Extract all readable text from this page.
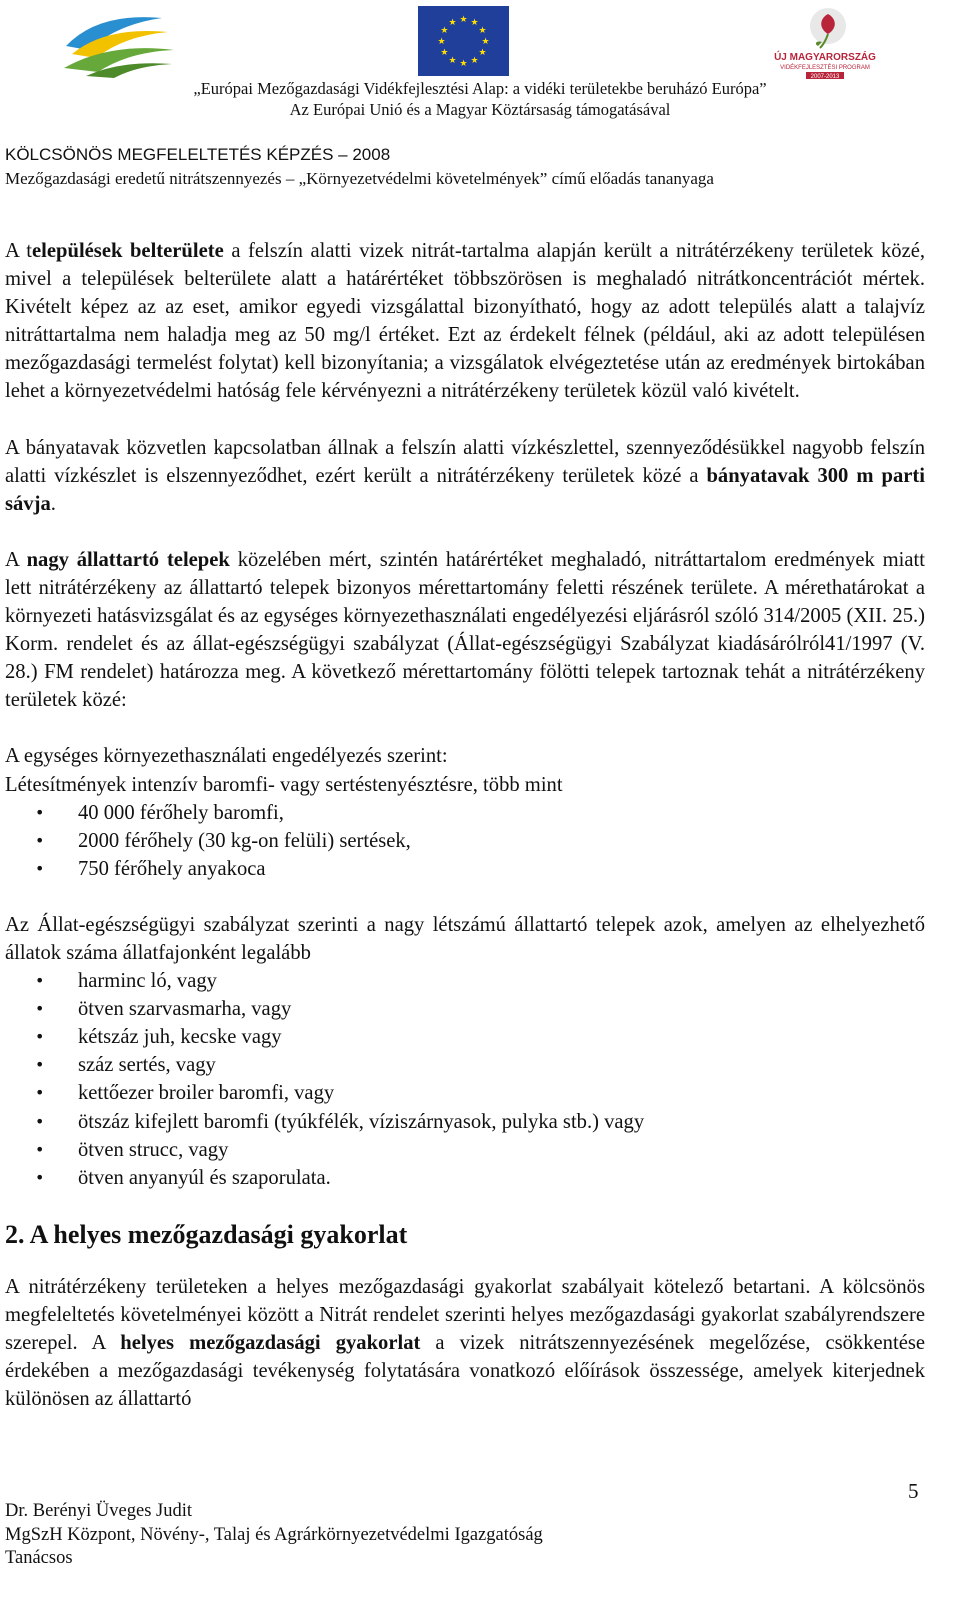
★
★
★
★
★
★
★
★
★ ★ ★
★
ÚJ MAGYARORSZÁG
VIDÉKFEJLESZTÉSI PROGRAM
2007-2013
„Európai Mezőgazdasági Vidékfejlesztési Alap: a vidéki területekbe beruházó Európa”
Az Európai Unió és a Magyar Köztársaság támogatásával
KÖLCSÖNÖS MEGFELELTETÉS KÉPZÉS – 2008
Mezőgazdasági eredetű nitrátszennyezés – „Környezetvédelmi követelmények” című előadás tananyaga

A települések belterülete a felszín alatti vizek nitrát-tartalma alapján került a nitrátérzékeny területek közé, mivel a települések belterülete alatt a határértéket többszörösen is meghaladó nitrátkoncentrációt mértek. Kivételt képez az az eset, amikor egyedi vizsgálattal bizonyítható, hogy az adott település alatt a talajvíz nitráttartalma nem haladja meg az 50 mg/l értéket. Ezt az érdekelt félnek (például, aki az adott településen mezőgazdasági termelést folytat) kell bizonyítania; a vizsgálatok elvégeztetése után az eredmények birtokában lehet a környezetvédelmi hatóság fele kérvényezni a nitrátérzékeny területek közül való kivételt.

A bányatavak közvetlen kapcsolatban állnak a felszín alatti vízkészlettel, szennyeződésükkel nagyobb felszín alatti vízkészlet is elszennyeződhet, ezért került a nitrátérzékeny területek közé a bányatavak 300 m parti sávja.

A nagy állattartó telepek közelében mért, szintén határértéket meghaladó, nitráttartalom eredmények miatt lett nitrátérzékeny az állattartó telepek bizonyos mérettartomány feletti részének területe. A mérethatárokat a környezeti hatásvizsgálat és az egységes környezethasználati engedélyezési eljárásról szóló 314/2005 (XII. 25.) Korm. rendelet és az állat-egészségügyi szabályzat (Állat-egészségügyi Szabályzat kiadásárólról41/1997 (V. 28.) FM rendelet) határozza meg. A következő mérettartomány fölötti telepek tartoznak tehát a nitrátérzékeny területek közé:

A egységes környezethasználati engedélyezés szerint:
Létesítmények intenzív baromfi- vagy sertéstenyésztésre, több mint
• 40 000 férőhely baromfi,
• 2000 férőhely (30 kg-on felüli) sertések,
• 750 férőhely anyakoca

Az Állat-egészségügyi szabályzat szerinti a nagy létszámú állattartó telepek azok, amelyen az elhelyezhető állatok száma állatfajonként legalább

• harminc ló, vagy
• ötven szarvasmarha, vagy
• kétszáz juh, kecske vagy
• száz sertés, vagy
• kettőezer broiler baromfi, vagy
• ötszáz kifejlett baromfi (tyúkfélék, víziszárnyasok, pulyka stb.) vagy
• ötven strucc, vagy
• ötven anyanyúl és szaporulata.
2. A helyes mezőgazdasági gyakorlat

A nitrátérzékeny területeken a helyes mezőgazdasági gyakorlat szabályait kötelező betartani. A kölcsönös megfeleltetés követelményei között a Nitrát rendelet szerinti helyes mezőgazdasági gyakorlat szabályrendszere szerepel. A helyes mezőgazdasági gyakorlat a vizek nitrátszennyezésének megelőzése, csökkentése érdekében a mezőgazdasági tevékenység folytatására vonatkozó előírások összessége, amelyek kiterjednek különösen az állattartó

5
Dr. Berényi Üveges Judit
MgSzH Központ, Növény-, Talaj és Agrárkörnyezetvédelmi Igazgatóság
Tanácsos
